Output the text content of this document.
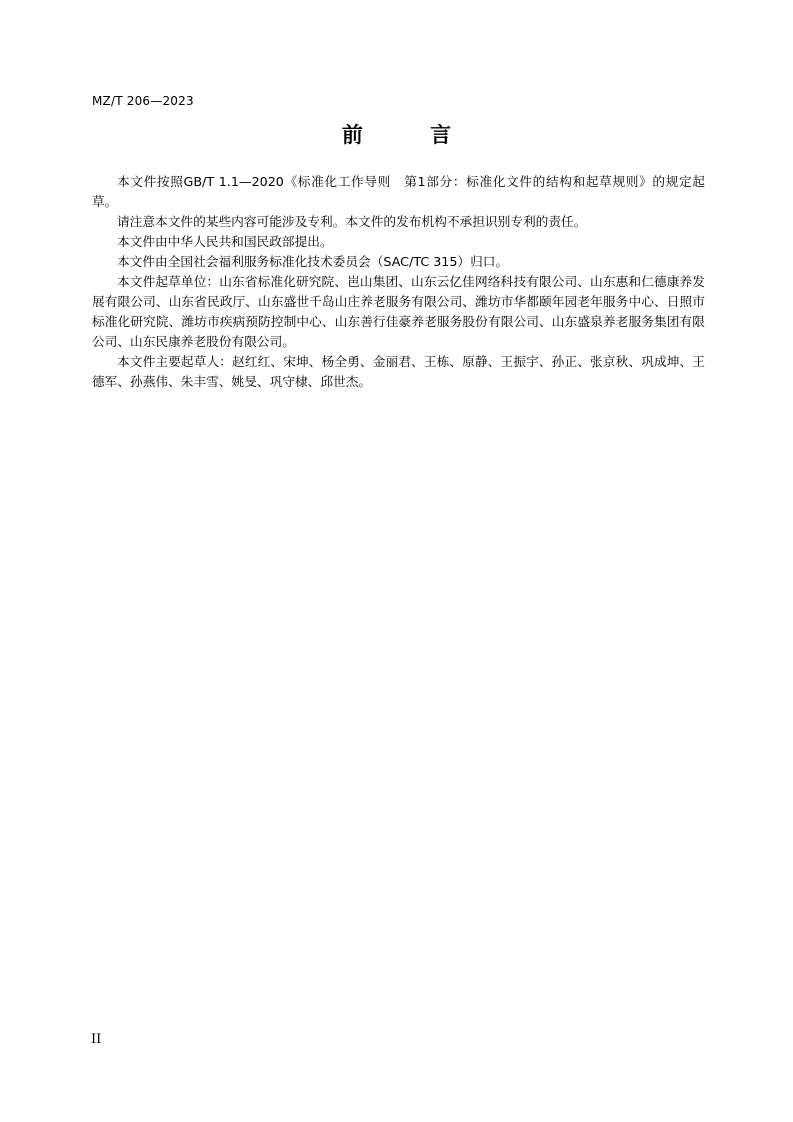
MZ/T 206—2023
前 言

本文件按照GB/T 1.1—2020《标准化工作导则　第1部分：标准化文件的结构和起草规则》的规定起草。

请注意本文件的某些内容可能涉及专利。本文件的发布机构不承担识别专利的责任。

本文件由中华人民共和国民政部提出。

本文件由全国社会福利服务标准化技术委员会（SAC/TC 315）归口。

本文件起草单位：山东省标准化研究院、岜山集团、山东云亿佳网络科技有限公司、山东惠和仁德康养发展有限公司、山东省民政厅、山东盛世千岛山庄养老服务有限公司、潍坊市华都颐年园老年服务中心、日照市标准化研究院、潍坊市疾病预防控制中心、山东善行佳豪养老服务股份有限公司、山东盛泉养老服务集团有限公司、山东民康养老股份有限公司。

本文件主要起草人：赵红红、宋坤、杨全勇、金丽君、王栋、原静、王振宇、孙正、张京秋、巩成坤、王德军、孙燕伟、朱丰雪、姚旻、巩守棣、邱世杰。

II
